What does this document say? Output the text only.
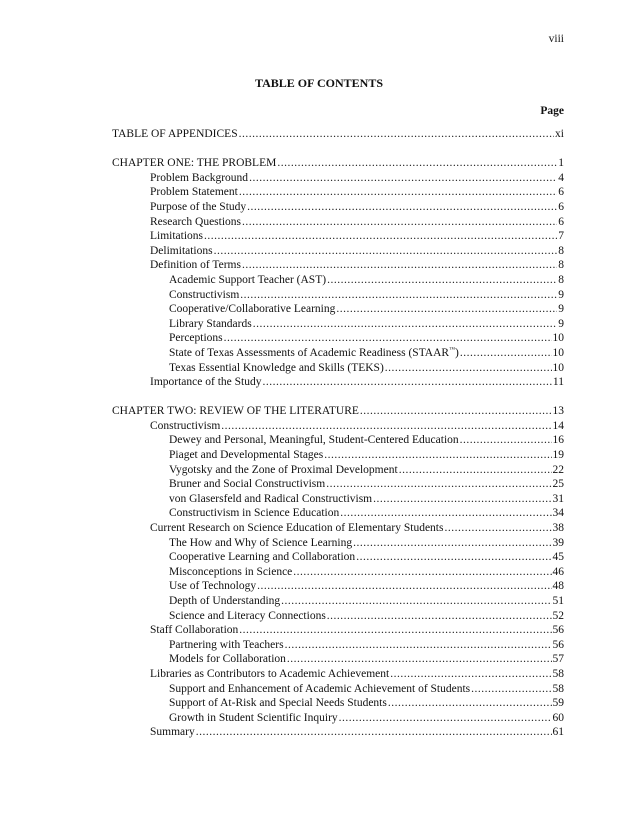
viii
TABLE OF CONTENTS
Page
TABLE OF APPENDICES .....	xi
CHAPTER ONE: THE PROBLEM .....	1
Problem Background .....	4
Problem Statement .....	6
Purpose of the Study .....	6
Research Questions .....	6
Limitations .....	7
Delimitations .....	8
Definition of Terms .....	8
Academic Support Teacher (AST) .....	8
Constructivism .....	9
Cooperative/Collaborative Learning .....	9
Library Standards .....	9
Perceptions .....	10
State of Texas Assessments of Academic Readiness (STAAR™) .....	10
Texas Essential Knowledge and Skills (TEKS) .....	10
Importance of the Study .....	11
CHAPTER TWO: REVIEW OF THE LITERATURE .....	13
Constructivism .....	14
Dewey and Personal, Meaningful, Student-Centered Education .....	16
Piaget and Developmental Stages .....	19
Vygotsky and the Zone of Proximal Development .....	22
Bruner and Social Constructivism .....	25
von Glasersfeld and Radical Constructivism .....	31
Constructivism in Science Education .....	34
Current Research on Science Education of Elementary Students .....	38
The How and Why of Science Learning .....	39
Cooperative Learning and Collaboration .....	45
Misconceptions in Science .....	46
Use of Technology .....	48
Depth of Understanding .....	51
Science and Literacy Connections .....	52
Staff Collaboration .....	56
Partnering with Teachers .....	56
Models for Collaboration .....	57
Libraries as Contributors to Academic Achievement .....	58
Support and Enhancement of Academic Achievement of Students .....	58
Support of At-Risk and Special Needs Students .....	59
Growth in Student Scientific Inquiry .....	60
Summary .....	61
